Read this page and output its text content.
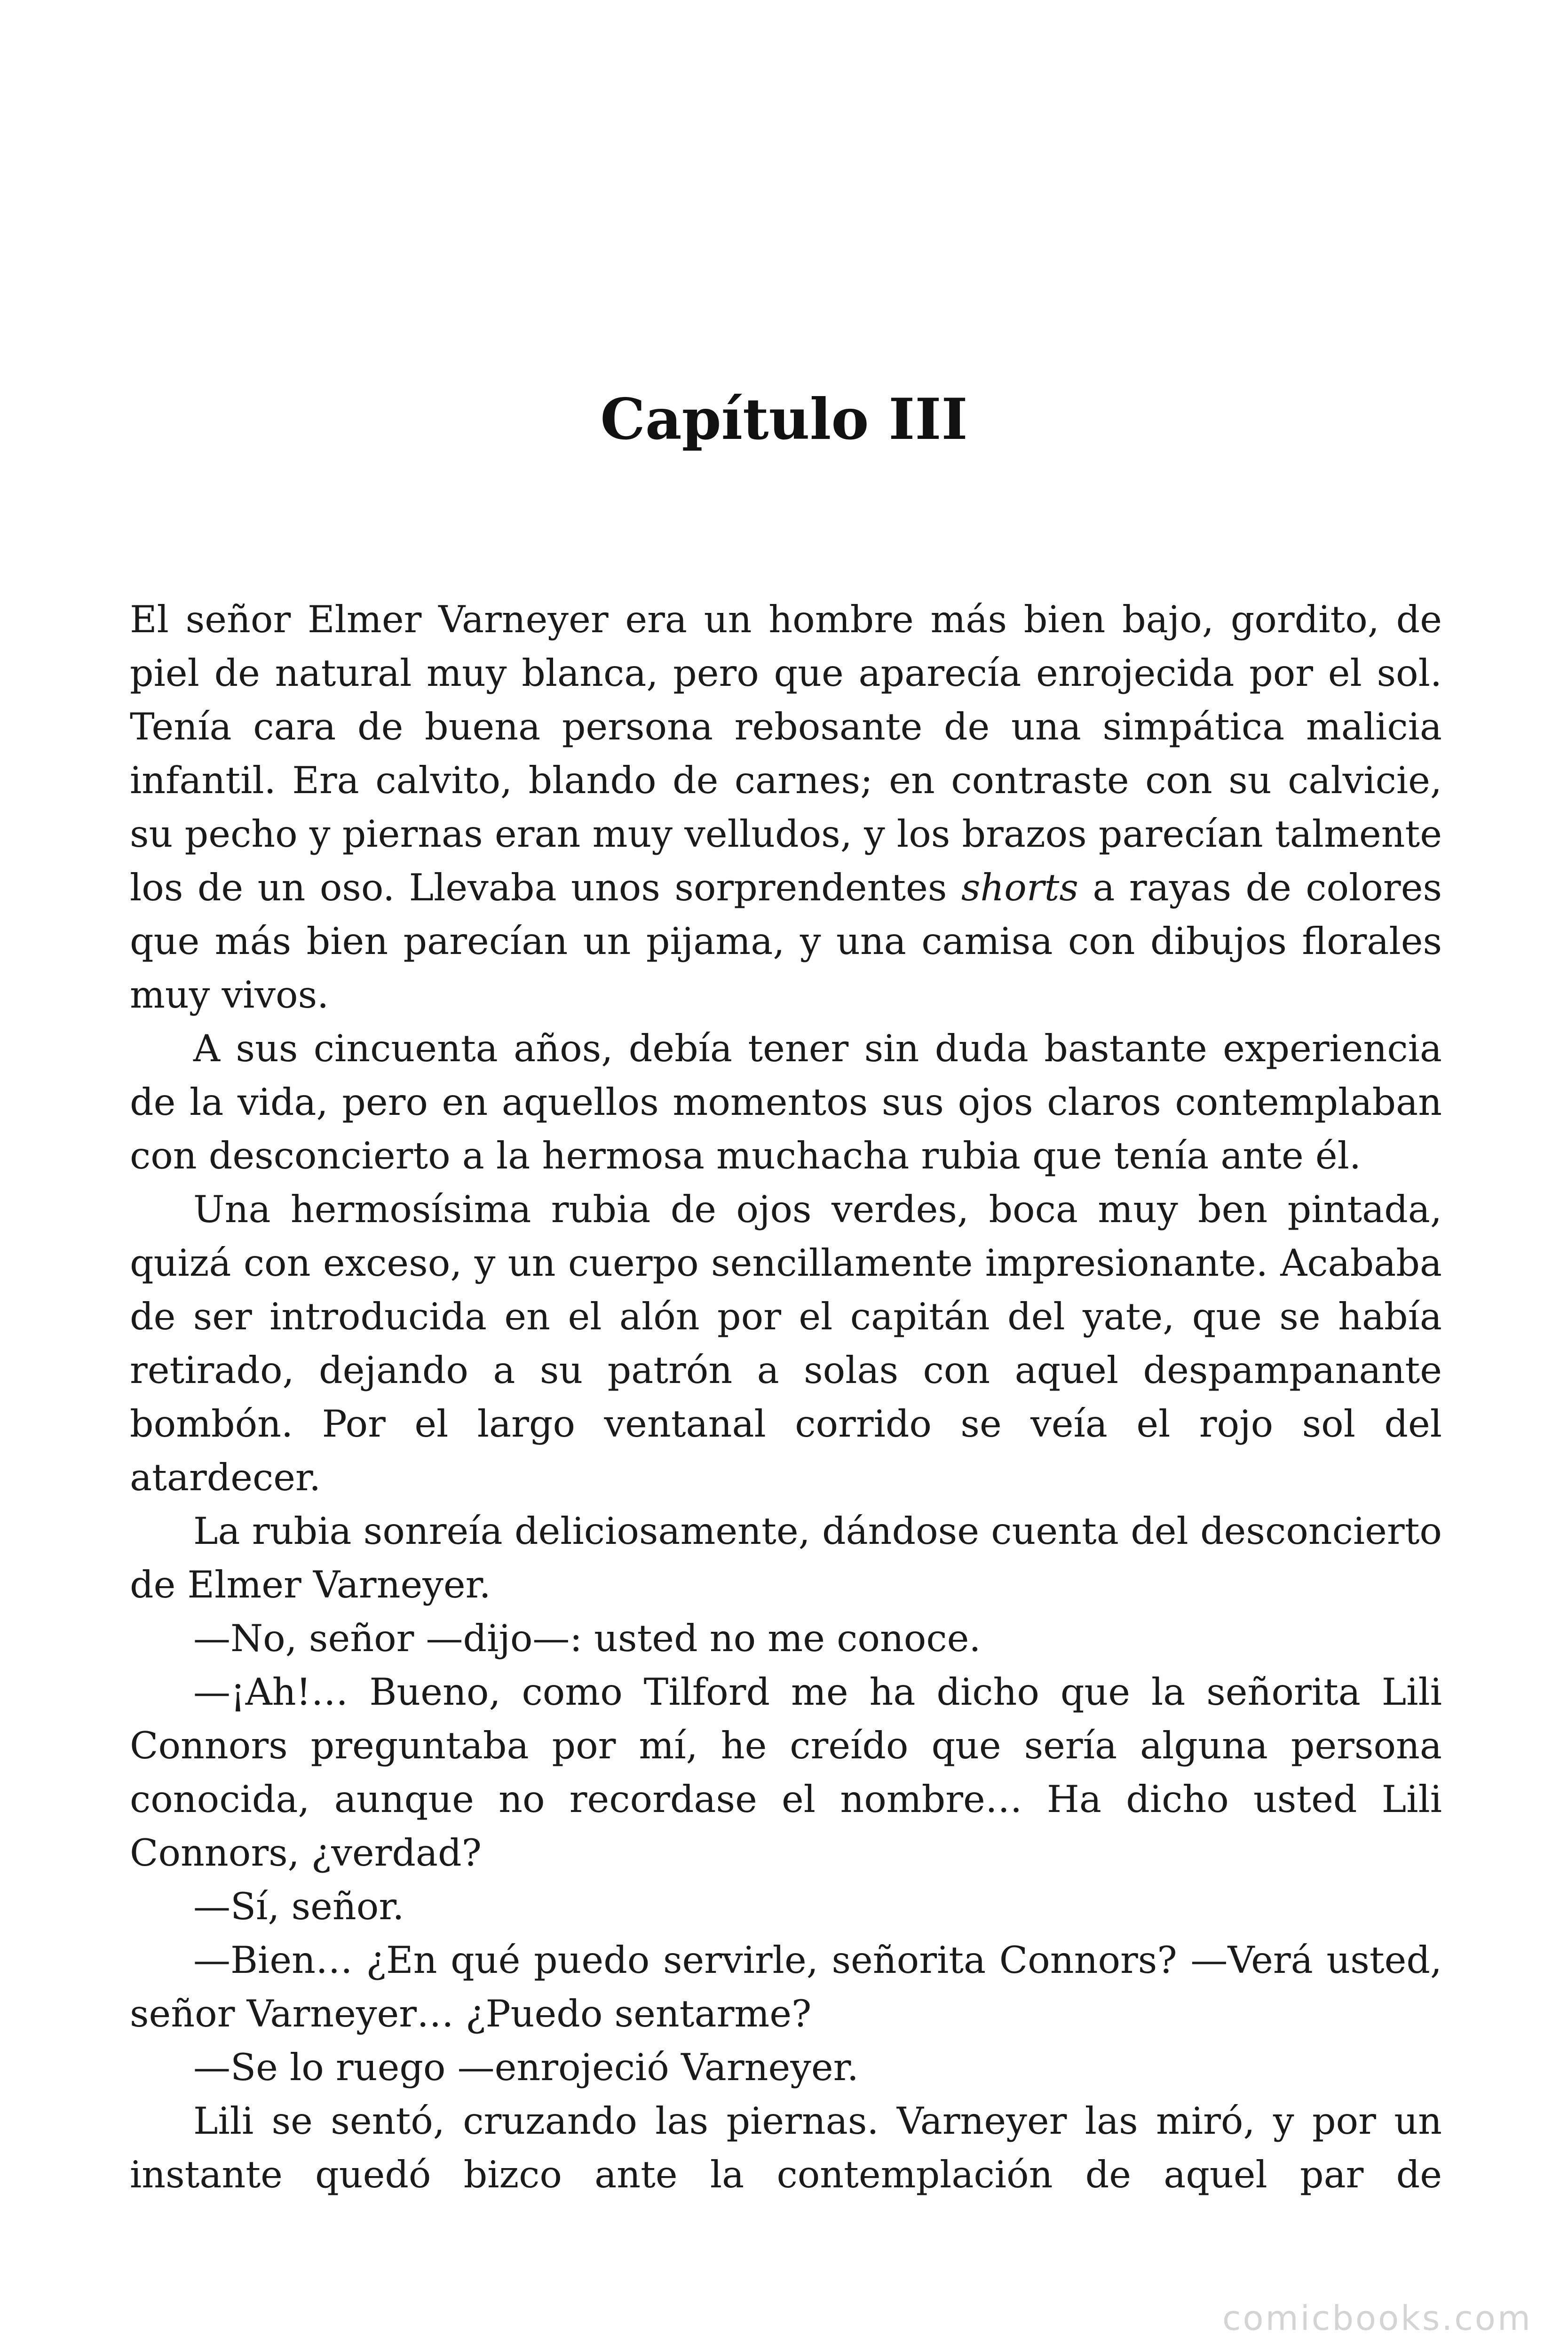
Capítulo III

El señor Elmer Varneyer era un hombre más bien bajo, gordito, de piel de natural muy blanca, pero que aparecía enrojecida por el sol. Tenía cara de buena persona rebosante de una simpática malicia infantil. Era calvito, blando de carnes; en contraste con su calvicie, su pecho y piernas eran muy velludos, y los brazos parecían talmente los de un oso. Llevaba unos sorprendentes shorts a rayas de colores que más bien parecían un pijama, y una camisa con dibujos florales muy vivos.

A sus cincuenta años, debía tener sin duda bastante experiencia de la vida, pero en aquellos momentos sus ojos claros contemplaban con desconcierto a la hermosa muchacha rubia que tenía ante él.

Una hermosísima rubia de ojos verdes, boca muy ben pintada, quizá con exceso, y un cuerpo sencillamente impresionante. Acababa de ser introducida en el alón por el capitán del yate, que se había retirado, dejando a su patrón a solas con aquel despampanante bombón. Por el largo ventanal corrido se veía el rojo sol del atardecer.

La rubia sonreía deliciosamente, dándose cuenta del desconcierto de Elmer Varneyer.

—No, señor —dijo—: usted no me conoce.

—¡Ah!… Bueno, como Tilford me ha dicho que la señorita Lili Connors preguntaba por mí, he creído que sería alguna persona conocida, aunque no recordase el nombre… Ha dicho usted Lili Connors, ¿verdad?

—Sí, señor.

—Bien… ¿En qué puedo servirle, señorita Connors? —Verá usted, señor Varneyer… ¿Puedo sentarme?

—Se lo ruego —enrojeció Varneyer.

Lili se sentó, cruzando las piernas. Varneyer las miró, y por un instante quedó bizco ante la contemplación de aquel par de

comicbooks.com
